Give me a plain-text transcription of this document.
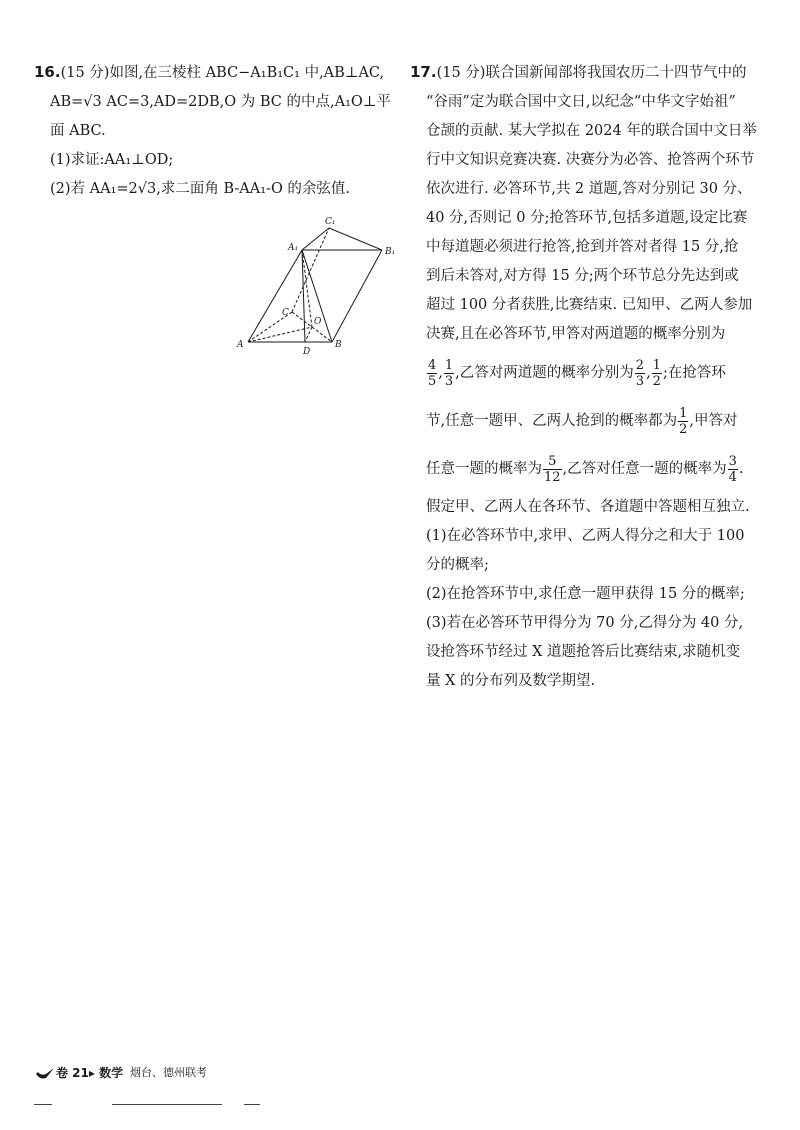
16.(15 分)如图,在三棱柱 ABC−A₁B₁C₁ 中,AB⊥AC,
AB=√3 AC=3,AD=2DB,O 为 BC 的中点,A₁O⊥平
面 ABC.
(1)求证:AA₁⊥OD;
(2)若 AA₁=2√3,求二面角 B-AA₁-O 的余弦值.
C₁
A₁	B₁
C
O
A
D
B
17.(15 分)联合国新闻部将我国农历二十四节气中的
“谷雨”定为联合国中文日,以纪念“中华文字始祖”
仓颉的贡献. 某大学拟在 2024 年的联合国中文日举
行中文知识竞赛决赛. 决赛分为必答、抢答两个环节
依次进行. 必答环节,共 2 道题,答对分别记 30 分、
40 分,否则记 0 分;抢答环节,包括多道题,设定比赛
中每道题必须进行抢答,抢到并答对者得 15 分,抢
到后未答对,对方得 15 分;两个环节总分先达到或
超过 100 分者获胜,比赛结束. 已知甲、乙两人参加
决赛,且在必答环节,甲答对两道题的概率分别为
$\frac{4}{5}$ , $\frac{1}{3}$ ,乙答对两道题的概率分别为 $\frac{2}{3}$ , $\frac{1}{2}$ ;在抢答环
节,任意一题甲、乙两人抢到的概率都为 $\frac{1}{2}$ ,甲答对
任意一题的概率为 $\frac{5}{12}$ ,乙答对任意一题的概率为 $\frac{3}{4}$ .
假定甲、乙两人在各环节、各道题中答题相互独立.
(1)在必答环节中,求甲、乙两人得分之和大于 100
分的概率;
(2)在抢答环节中,求任意一题甲获得 15 分的概率;
(3)若在必答环节甲得分为 70 分,乙得分为 40 分,
设抢答环节经过 X 道题抢答后比赛结束,求随机变
量 X 的分布列及数学期望.
卷 21▸ 数学 烟台、德州联考
